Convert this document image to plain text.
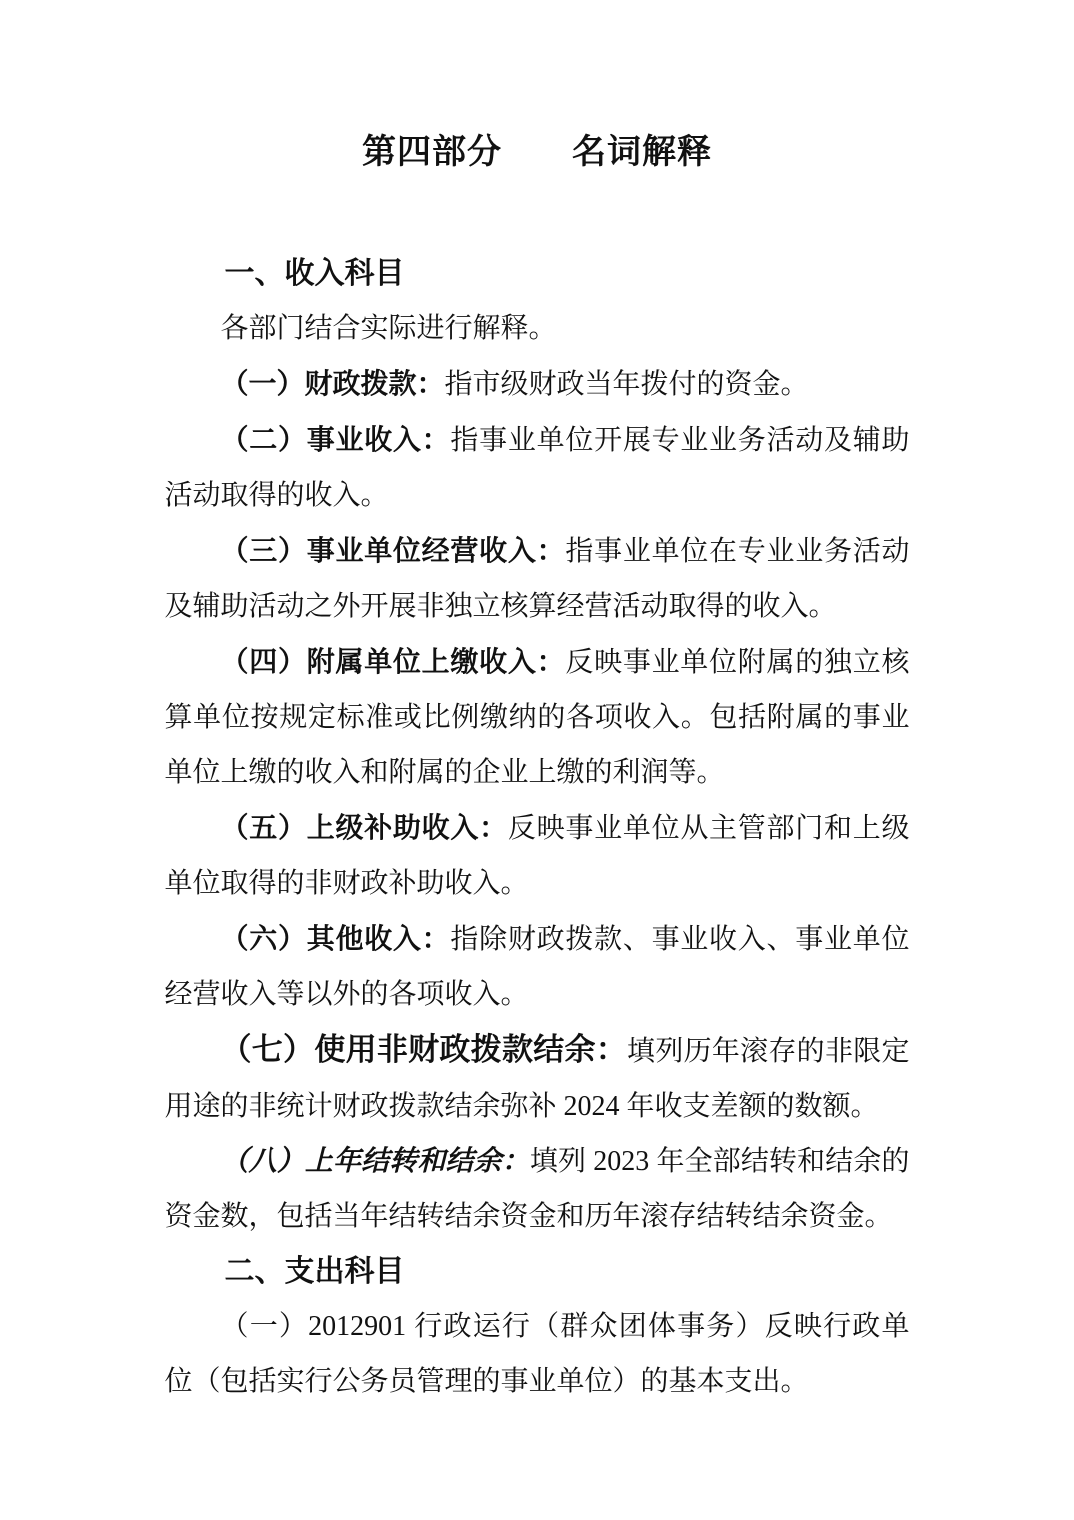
第四部分　　名词解释
一、收入科目

各部门结合实际进行解释。

（一）财政拨款：指市级财政当年拨付的资金。

（二）事业收入：指事业单位开展专业业务活动及辅助活动取得的收入。

（三）事业单位经营收入：指事业单位在专业业务活动及辅助活动之外开展非独立核算经营活动取得的收入。

（四）附属单位上缴收入：反映事业单位附属的独立核算单位按规定标准或比例缴纳的各项收入。包括附属的事业单位上缴的收入和附属的企业上缴的利润等。

（五）上级补助收入：反映事业单位从主管部门和上级单位取得的非财政补助收入。

（六）其他收入：指除财政拨款、事业收入、事业单位经营收入等以外的各项收入。

（七）使用非财政拨款结余：填列历年滚存的非限定用途的非统计财政拨款结余弥补 2024 年收支差额的数额。

（八）上年结转和结余：填列 2023 年全部结转和结余的资金数，包括当年结转结余资金和历年滚存结转结余资金。

二、支出科目

（一）2012901 行政运行（群众团体事务）反映行政单位（包括实行公务员管理的事业单位）的基本支出。
